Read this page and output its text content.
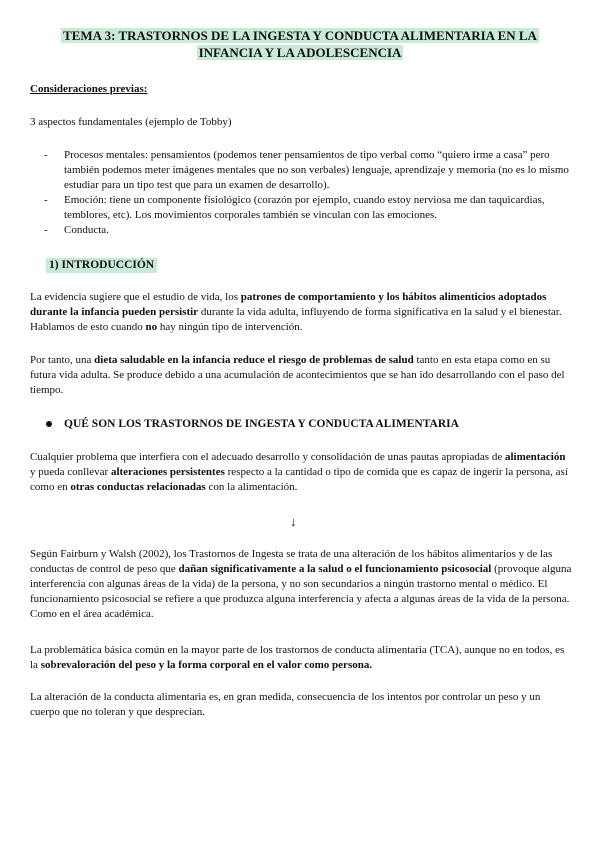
TEMA 3: TRASTORNOS DE LA INGESTA Y CONDUCTA ALIMENTARIA EN LA
INFANCIA Y LA ADOLESCENCIA

Consideraciones previas:

3 aspectos fundamentales (ejemplo de Tobby)

- Procesos mentales: pensamientos (podemos tener pensamientos de tipo verbal como “quiero irme a casa” pero también podemos meter imágenes mentales que no son verbales) lenguaje, aprendizaje y memoria (no es lo mismo estudiar para un tipo test que para un examen de desarrollo).
- Emoción: tiene un componente fisiológico (corazón por ejemplo, cuando estoy nerviosa me dan taquicardias, temblores, etc). Los movimientos corporales también se vinculan con las emociones.
- Conducta.
1) INTRODUCCIÓN

La evidencia sugiere que el estudio de vida, los patrones de comportamiento y los hábitos alimenticios adoptados durante la infancia pueden persistir durante la vida adulta, influyendo de forma significativa en la salud y el bienestar. Hablamos de esto cuando no hay ningún tipo de intervención.

Por tanto, una dieta saludable en la infancia reduce el riesgo de problemas de salud tanto en esta etapa como en su futura vida adulta. Se produce debido a una acumulación de acontecimientos que se han ido desarrollando con el paso del tiempo.

QUÉ SON LOS TRASTORNOS DE INGESTA Y CONDUCTA ALIMENTARIA

Cualquier problema que interfiera con el adecuado desarrollo y consolidación de unas pautas apropiadas de alimentación y pueda conllevar alteraciones persistentes respecto a la cantidad o tipo de comida que es capaz de ingerir la persona, así como en otras conductas relacionadas con la alimentación.

↓

Según Fairburn y Walsh (2002), los Trastornos de Ingesta se trata de una alteración de los hábitos alimentarios y de las conductas de control de peso que dañan significativamente a la salud o el funcionamiento psicosocial (provoque alguna interferencia con algunas áreas de la vida) de la persona, y no son secundarios a ningún trastorno mental o médico. El funcionamiento psicosocial se refiere a que produzca alguna interferencia y afecta a algunas áreas de la vida de la persona. Como en el área académica.

La problemática básica común en la mayor parte de los trastornos de conducta alimentaria (TCA), aunque no en todos, es la sobrevaloración del peso y la forma corporal en el valor como persona.

La alteración de la conducta alimentaria es, en gran medida, consecuencia de los intentos por controlar un peso y un cuerpo que no toleran y que desprecian.
